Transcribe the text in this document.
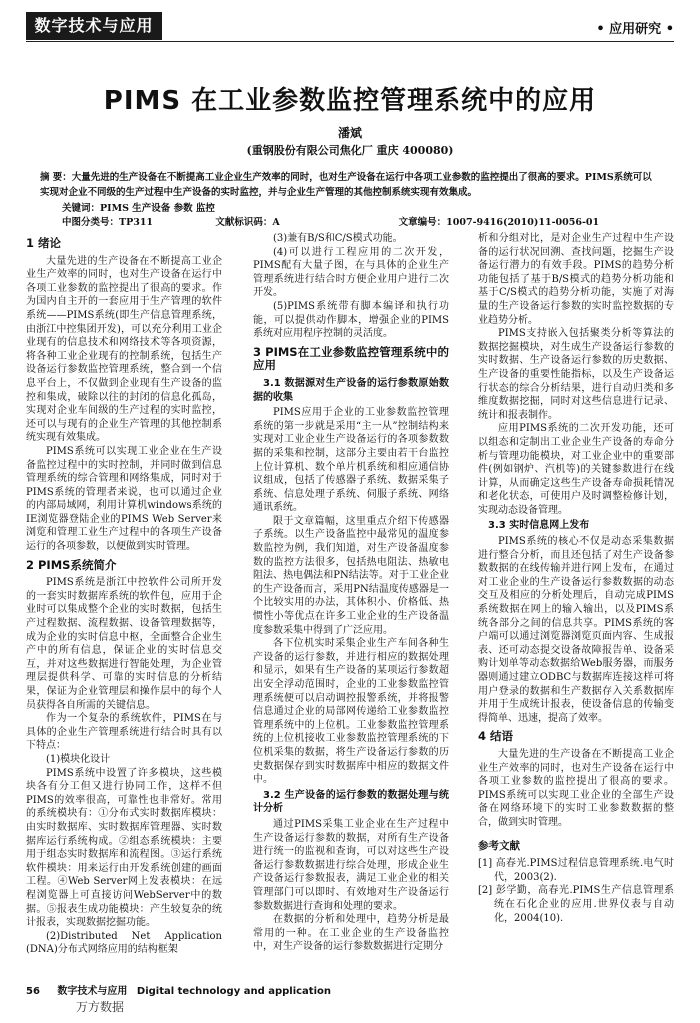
数字技术与应用	• 应用研究 •
PIMS 在工业参数监控管理系统中的应用
潘斌
(重钢股份有限公司焦化厂 重庆 400080)
摘 要：大量先进的生产设备在不断提高工业企业生产效率的同时，也对生产设备在运行中各项工业参数的监控提出了很高的要求。PIMS系统可以实现对企业不同级的生产过程中生产设备的实时监控，并与企业生产管理的其他控制系统实现有效集成。
关键词：PIMS 生产设备 参数 监控
中图分类号：TP311	文献标识码：A	文章编号：1007-9416(2010)11-0056-01
1 绪论

大量先进的生产设备在不断提高工业企业生产效率的同时，也对生产设备在运行中各项工业参数的监控提出了很高的要求。作为国内自主开的一套应用于生产管理的软件系统——PIMS系统(即生产信息管理系统，由浙江中控集团开发)，可以充分利用工业企业现有的信息技术和网络技术等各项资源，将各种工业企业现有的控制系统，包括生产设备运行参数监控管理系统，整合到一个信息平台上，不仅做到企业现有生产设备的监控和集成，破除以往的封闭的信息化孤岛，实现对企业车间级的生产过程的实时监控，还可以与现有的企业生产管理的其他控制系统实现有效集成。

PIMS系统可以实现工业企业在生产设备监控过程中的实时控制，并同时做到信息管理系统的综合管理和网络集成，同时对于PIMS系统的管理者来说，也可以通过企业的内部局域网，利用计算机windows系统的IE浏览器登陆企业的PIMS Web Server来浏览和管理工业生产过程中的各项生产设备运行的各项参数，以便做到实时管理。

2 PIMS系统简介

PIMS系统是浙江中控软件公司所开发的一套实时数据库系统的软件包，应用于企业时可以集成整个企业的实时数据，包括生产过程数据、流程数据、设备管理数据等，成为企业的实时信息中枢，全面整合企业生产中的所有信息，保证企业的实时信息交互，并对这些数据进行智能处理，为企业管理层提供科学、可靠的实时信息的分析结果，保证为企业管理层和操作层中的每个人员获得各自所需的关键信息。

作为一个复杂的系统软件，PIMS在与具体的企业生产管理系统进行结合时具有以下特点：

(1)模块化设计

PIMS系统中设置了许多模块，这些模块各有分工但又进行协同工作，这样不但PIMS的效率很高，可靠性也非常好。常用的系统模块有：①分布式实时数据库模块：由实时数据库、实时数据库管理器、实时数据库运行系统构成。②组态系统模块：主要用于组态实时数据库和流程图。③运行系统软件模块：用来运行由开发系统创建的画面工程。④Web Server网上发表模块：在远程浏览器上可直接访问WebServer中的数据。⑤报表生成功能模块：产生较复杂的统计报表，实现数据挖掘功能。

(2)Distributed Net Application (DNA)分布式网络应用的结构框架

(3)兼有B/S和C/S模式功能。

(4)可以进行工程应用的二次开发，PIMS配有大量子图，在与具体的企业生产管理系统进行结合时方便企业用户进行二次开发。

(5)PIMS系统带有脚本编译和执行功能，可以提供动作脚本，增强企业的PIMS系统对应用程序控制的灵活度。

3 PIMS在工业参数监控管理系统中的应用
3.1 数据源对生产设备的运行参数原始数据的收集

PIMS应用于企业的工业参数监控管理系统的第一步就是采用“主一从”控制结构来实现对工业企业生产设备运行的各项参数数据的采集和控制，这部分主要由若干台监控上位计算机、数个单片机系统和相应通信协议组成，包括了传感器子系统、数据采集子系统、信息处理子系统、伺服子系统、网络通讯系统。

限于文章篇幅，这里重点介绍下传感器子系统。以生产设备监控中最常见的温度参数监控为例，我们知道，对生产设备温度参数的监控方法很多，包括热电阻法、热敏电阻法、热电偶法和PN结法等。对于工业企业的生产设备而言，采用PN结温度传感器是一个比较实用的办法，其体积小、价格低、热惯性小等优点在许多工业企业的生产设备温度参数采集中得到了广泛应用。

各下位机实时采集企业生产车间各种生产设备的运行参数，并进行相应的数据处理和显示，如果有生产设备的某项运行参数超出安全浮动范围时，企业的工业参数监控管理系统便可以启动调控报警系统，并将报警信息通过企业的局部网传递给工业参数监控管理系统中的上位机。工业参数监控管理系统的上位机接收工业参数监控管理系统的下位机采集的数据，将生产设备运行参数的历史数据保存到实时数据库中相应的数据文件中。

3.2 生产设备的运行参数的数据处理与统计分析

通过PIMS采集工业企业在生产过程中生产设备运行参数的数据，对所有生产设备进行统一的监视和查询，可以对这些生产设备运行参数数据进行综合处理，形成企业生产设备运行参数报表，满足工业企业的相关管理部门可以即时、有效地对生产设备运行参数数据进行查询和处理的要求。

在数据的分析和处理中，趋势分析是最常用的一种。在工业企业的生产设备监控中，对生产设备的运行参数数据进行定期分

析和分组对比，是对企业生产过程中生产设备的运行状况回溯、查找问题，挖掘生产设备运行潜力的有效手段。PIMS的趋势分析功能包括了基于B/S模式的趋势分析功能和基于C/S模式的趋势分析功能，实施了对海量的生产设备运行参数的实时监控数据的专业趋势分析。

PIMS支持嵌入包括聚类分析等算法的数据挖掘模块，对生成生产设备运行参数的实时数据、生产设备运行参数的历史数据、生产设备的重要性能指标，以及生产设备运行状态的综合分析结果，进行自动归类和多维度数据挖掘，同时对这些信息进行记录、统计和报表制作。

应用PIMS系统的二次开发功能，还可以组态和定制出工业企业生产设备的寿命分析与管理功能模块，对工业企业中的重要部件(例如钢炉、汽机等)的关键参数进行在线计算，从而确定这些生产设备寿命损耗情况和老化状态，可使用户及时调整检修计划，实现动态设备管理。

3.3 实时信息网上发布

PIMS系统的核心不仅是动态采集数据进行整合分析，而且还包括了对生产设备参数数据的在线传输并进行网上发布，在通过对工业企业的生产设备运行参数数据的动态交互及相应的分析处理后，自动完成PIMS系统数据在网上的输入输出，以及PIMS系统各部分之间的信息共享。PIMS系统的客户端可以通过浏览器浏览页面内容、生成报表、还可动态提交设备故障报告单、设备采购计划单等动态数据给Web服务器，而服务器则通过建立ODBC与数据库连接这样可将用户登录的数据和生产数据存入关系数据库并用于生成统计报表，使设备信息的传输变得简单、迅速，提高了效率。

4 结语

大量先进的生产设备在不断提高工业企业生产效率的同时，也对生产设备在运行中各项工业参数的监控提出了很高的要求。PIMS系统可以实现工业企业的全部生产设备在网络环境下的实时工业参数数据的整合，做到实时管理。

参考文献

[1] 高春光.PIMS过程信息管理系统.电气时代，2003(2).

[2] 彭学勤，高春光.PIMS生产信息管理系统在石化企业的应用.世界仪表与自动化，2004(10).

56 数字技术与应用 Digital technology and application
万方数据
